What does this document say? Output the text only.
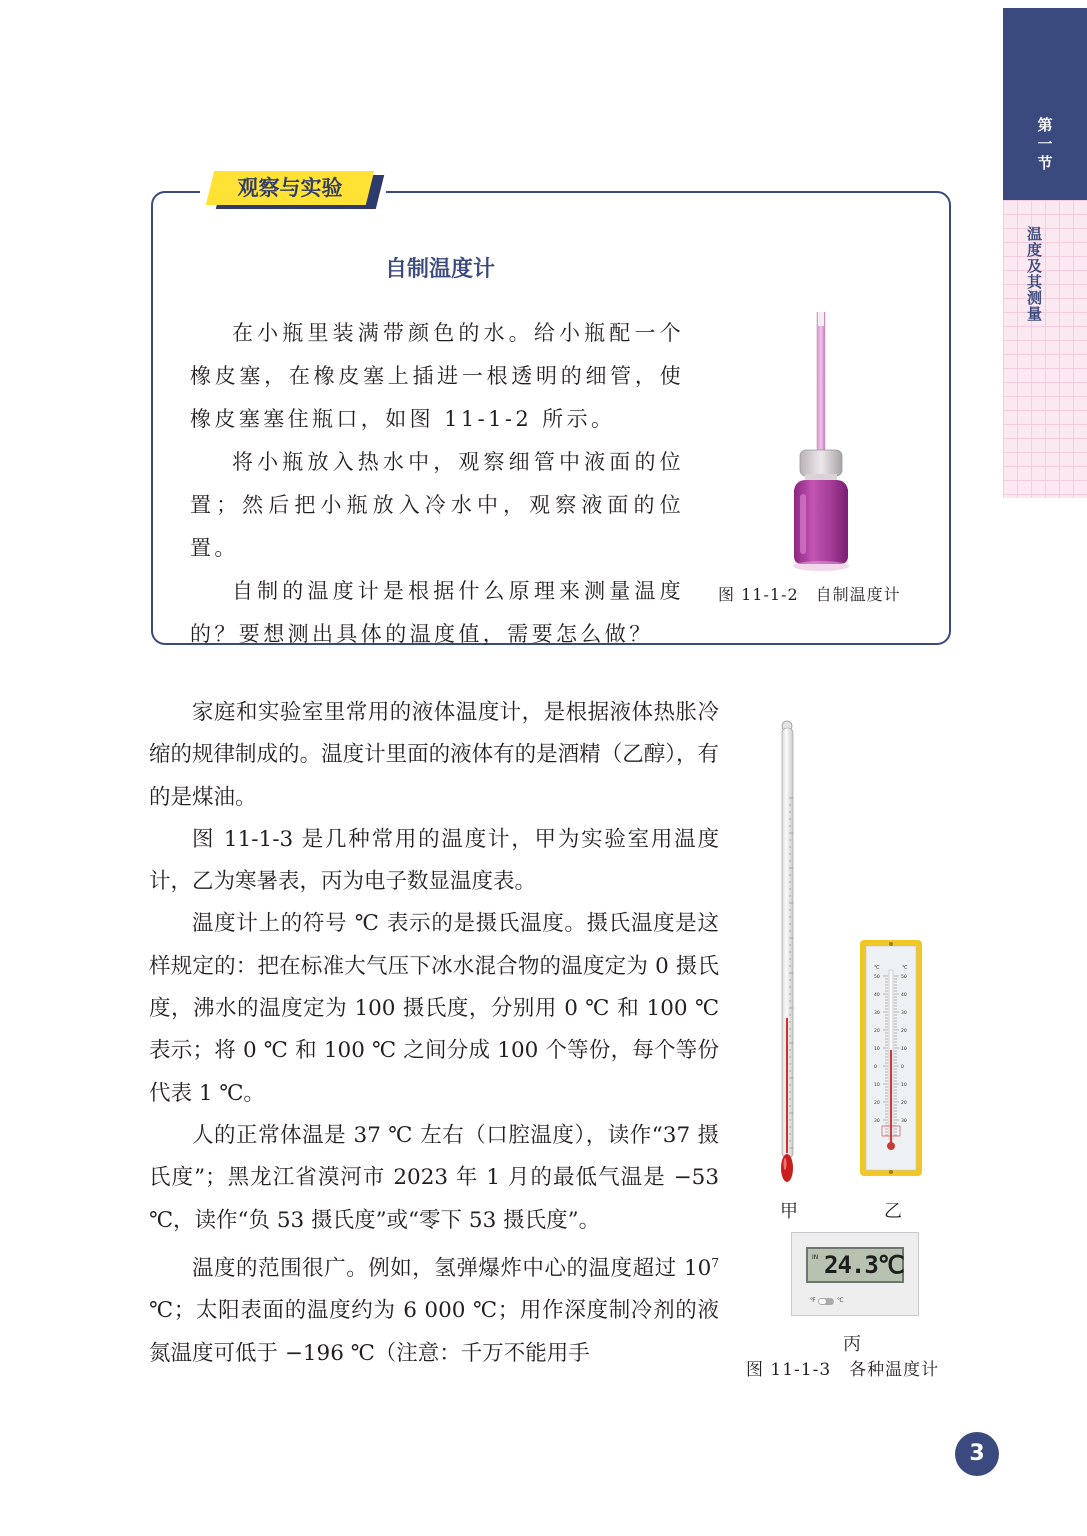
第一节
温度及其测量
观察与实验
自制温度计

在小瓶里装满带颜色的水。给小瓶配一个橡皮塞，在橡皮塞上插进一根透明的细管，使橡皮塞塞住瓶口，如图 11-1-2 所示。

将小瓶放入热水中，观察细管中液面的位置；然后把小瓶放入冷水中，观察液面的位置。

自制的温度计是根据什么原理来测量温度的？要想测出具体的温度值，需要怎么做？

图 11-1-2　自制温度计

家庭和实验室里常用的液体温度计，是根据液体热胀冷缩的规律制成的。温度计里面的液体有的是酒精（乙醇），有的是煤油。

图 11-1-3 是几种常用的温度计，甲为实验室用温度计，乙为寒暑表，丙为电子数显温度表。

温度计上的符号 ℃ 表示的是摄氏温度。摄氏温度是这样规定的：把在标准大气压下冰水混合物的温度定为 0 摄氏度，沸水的温度定为 100 摄氏度，分别用 0 ℃ 和 100 ℃ 表示；将 0 ℃ 和 100 ℃ 之间分成 100 个等份，每个等份代表 1 ℃。

人的正常体温是 37 ℃ 左右（口腔温度），读作“37 摄氏度”；黑龙江省漠河市 2023 年 1 月的最低气温是 −53 ℃，读作“负 53 摄氏度”或“零下 53 摄氏度”。

温度的范围很广。例如，氢弹爆炸中心的温度超过 $10^7$ ℃；太阳表面的温度约为 6 000 ℃；用作深度制冷剂的液氮温度可低于 −196 ℃（注意：千万不能用手

℃	℃
50	50
40	40
30	30
20	20
10	10
0	0
10	10
20	20
30	30
甲	乙
IN 24.3℃
℉	℃
丙
图 11-1-3　各种温度计
3
